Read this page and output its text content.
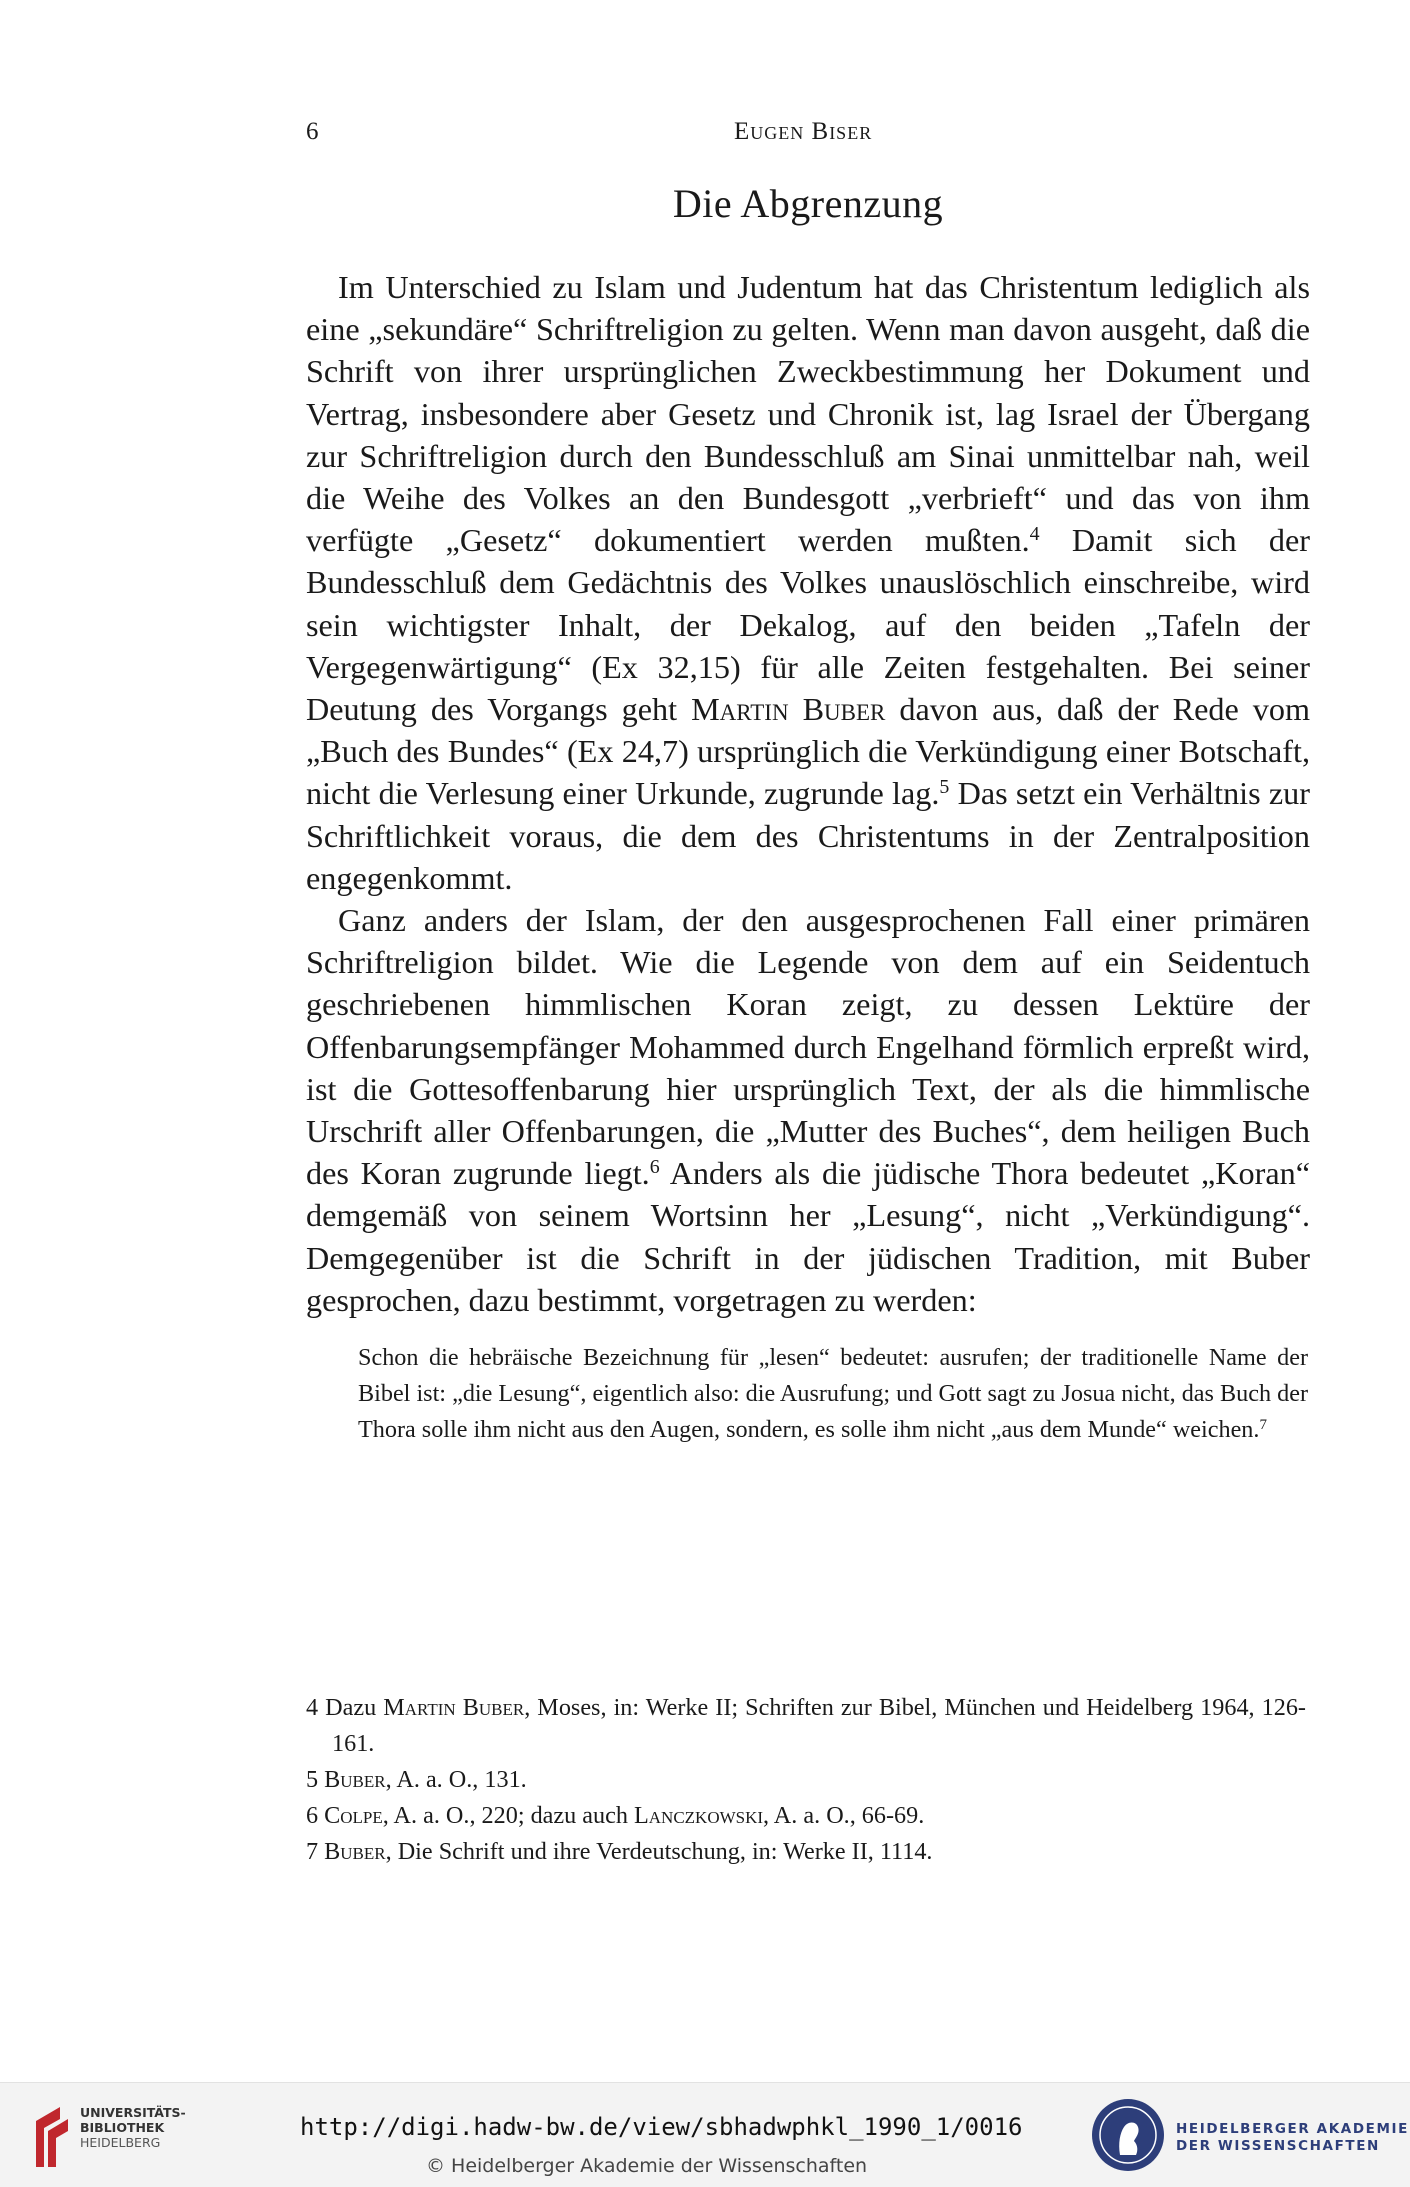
6	Eugen Biser
Die Abgrenzung

Im Unterschied zu Islam und Judentum hat das Christentum lediglich als eine „sekundäre“ Schriftreligion zu gelten. Wenn man davon ausgeht, daß die Schrift von ihrer ursprünglichen Zweckbestimmung her Dokument und Vertrag, insbesondere aber Gesetz und Chronik ist, lag Israel der Übergang zur Schriftreligion durch den Bundesschluß am Sinai unmittelbar nah, weil die Weihe des Volkes an den Bundesgott „verbrieft“ und das von ihm verfügte „Gesetz“ dokumentiert werden mußten.$^4$ Damit sich der Bundesschluß dem Gedächtnis des Volkes unauslöschlich einschreibe, wird sein wichtigster Inhalt, der Dekalog, auf den beiden „Tafeln der Vergegenwärtigung“ (Ex 32,15) für alle Zeiten festgehalten. Bei seiner Deutung des Vorgangs geht Martin Buber davon aus, daß der Rede vom „Buch des Bundes“ (Ex 24,7) ursprünglich die Verkündigung einer Botschaft, nicht die Verlesung einer Urkunde, zugrunde lag.$^5$ Das setzt ein Verhältnis zur Schriftlichkeit voraus, die dem des Christentums in der Zentralposition engegenkommt.

Ganz anders der Islam, der den ausgesprochenen Fall einer primären Schriftreligion bildet. Wie die Legende von dem auf ein Seidentuch geschriebenen himmlischen Koran zeigt, zu dessen Lektüre der Offenbarungsempfänger Mohammed durch Engelhand förmlich erpreßt wird, ist die Gottesoffenbarung hier ursprünglich Text, der als die himmlische Urschrift aller Offenbarungen, die „Mutter des Buches“, dem heiligen Buch des Koran zugrunde liegt.$^6$ Anders als die jüdische Thora bedeutet „Koran“ demgemäß von seinem Wortsinn her „Lesung“, nicht „Verkündigung“. Demgegenüber ist die Schrift in der jüdischen Tradition, mit Buber gesprochen, dazu bestimmt, vorgetragen zu werden:

Schon die hebräische Bezeichnung für „lesen“ bedeutet: ausrufen; der traditionelle Name der Bibel ist: „die Lesung“, eigentlich also: die Ausrufung; und Gott sagt zu Josua nicht, das Buch der Thora solle ihm nicht aus den Augen, sondern, es solle ihm nicht „aus dem Munde“ weichen.$^7$

4 Dazu Martin Buber, Moses, in: Werke II; Schriften zur Bibel, München und Heidelberg 1964, 126-161.

5 Buber, A. a. O., 131.

6 Colpe, A. a. O., 220; dazu auch Lanczkowski, A. a. O., 66-69.

7 Buber, Die Schrift und ihre Verdeutschung, in: Werke II, 1114.

UNIVERSITÄTS-
BIBLIOTHEK
HEIDELBERG
http://digi.hadw-bw.de/view/sbhadwphkl_1990_1/0016
© Heidelberger Akademie der Wissenschaften
HEIDELBERGER AKADEMIE
DER WISSENSCHAFTEN
